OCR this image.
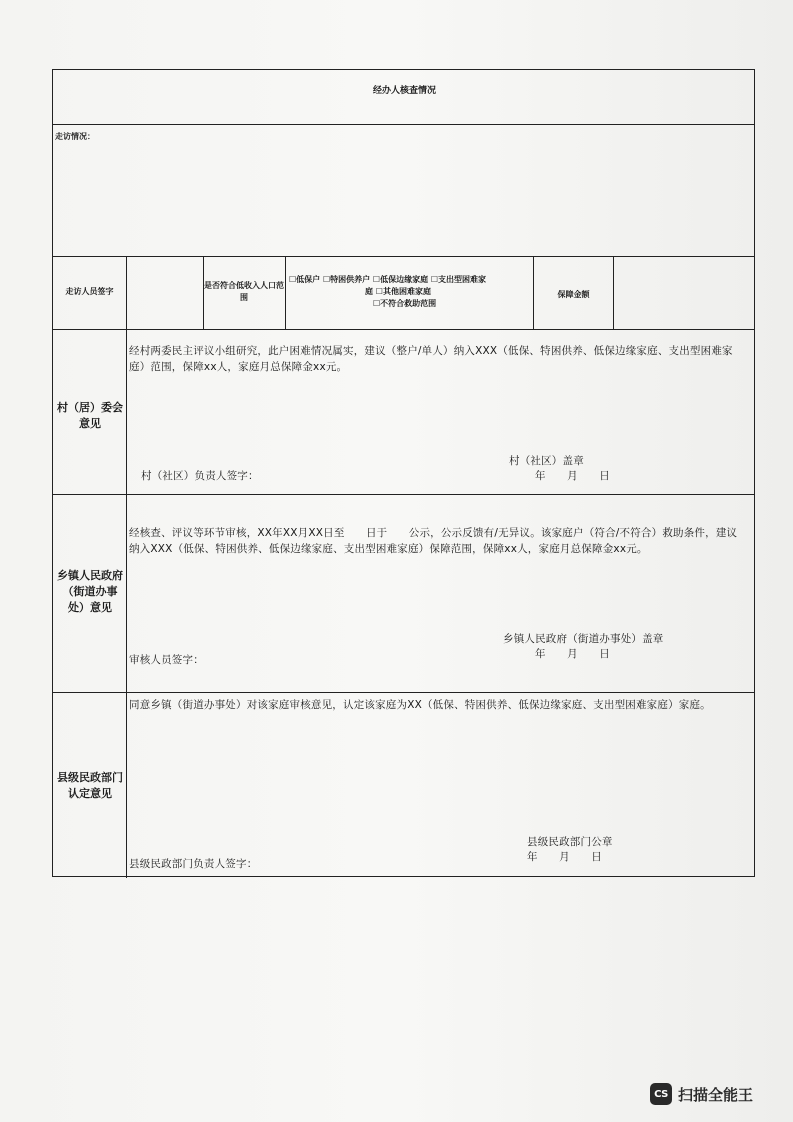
经办人核查情况
走访情况：
走访人员签字
是否符合低收入人口范围
☐低保户 ☐特困供养户 ☐低保边缘家庭 ☐支出型困难家
庭 ☐其他困难家庭
☐不符合救助范围
保障金额
村（居）委会意见
经村两委民主评议小组研究，此户困难情况属实，建议（整户/单人）纳入XXX（低保、特困供养、低保边缘家庭、支出型困难家庭）范围，保障xx人，家庭月总保障金xx元。
村（社区）盖章
年　　月　　日
村（社区）负责人签字：
乡镇人民政府（街道办事处）意见
经核查、评议等环节审核，XX年XX月XX日至　　日于　　公示，公示反馈有/无异议。该家庭户（符合/不符合）救助条件，建议纳入XXX（低保、特困供养、低保边缘家庭、支出型困难家庭）保障范围，保障xx人，家庭月总保障金xx元。
乡镇人民政府（街道办事处）盖章
年　　月　　日
审核人员签字：
县级民政部门认定意见
同意乡镇（街道办事处）对该家庭审核意见，认定该家庭为XX（低保、特困供养、低保边缘家庭、支出型困难家庭）家庭。
县级民政部门公章
年　　月　　日
县级民政部门负责人签字：
CS 扫描全能王
